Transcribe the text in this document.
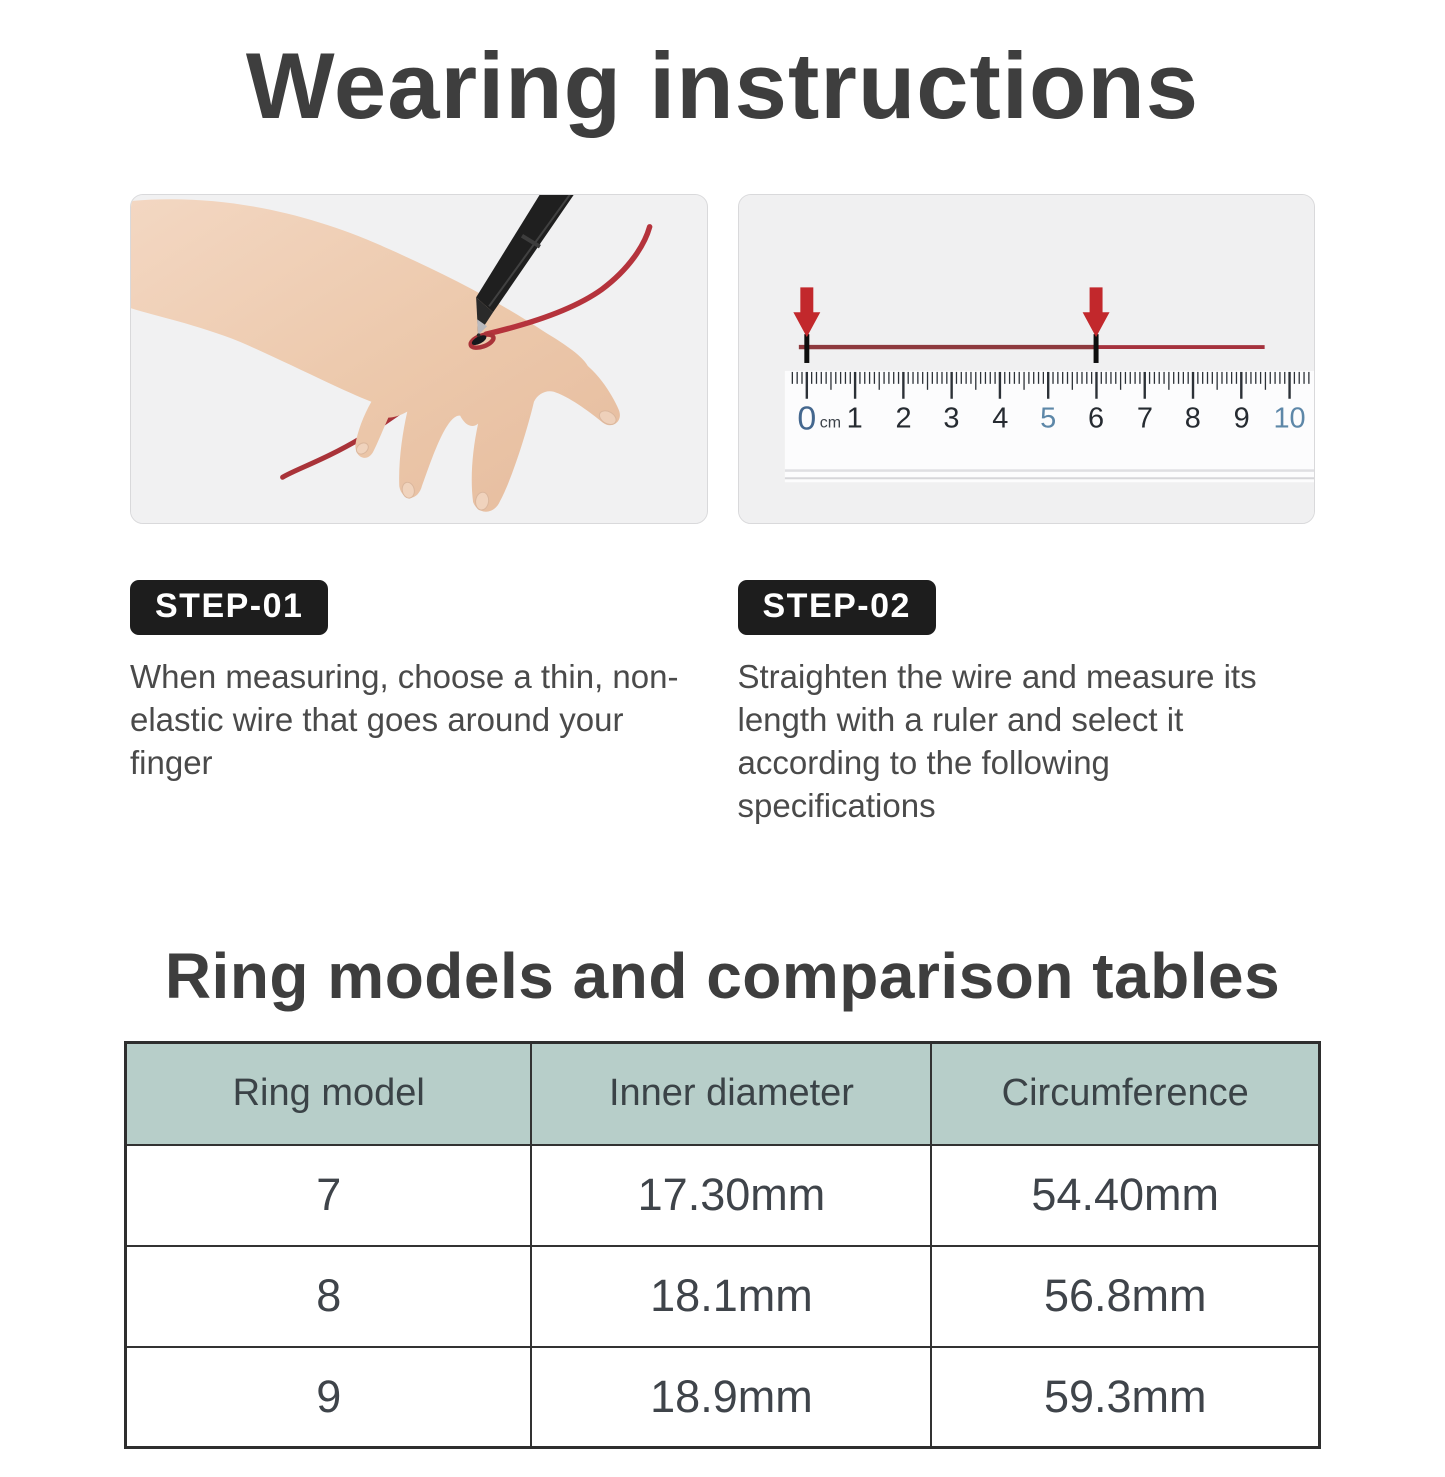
Wearing instructions
0 cm 1 2 3 4 5 6 7 8 9 10
STEP-01

When measuring, choose a thin, non-elastic wire that goes around your finger

STEP-02

Straighten the wire and measure its length with a ruler and select it according to the following specifications

Ring models and comparison tables
Ring model	Inner diameter	Circumference
7	17.30mm	54.40mm
8	18.1mm	56.8mm
9	18.9mm	59.3mm
